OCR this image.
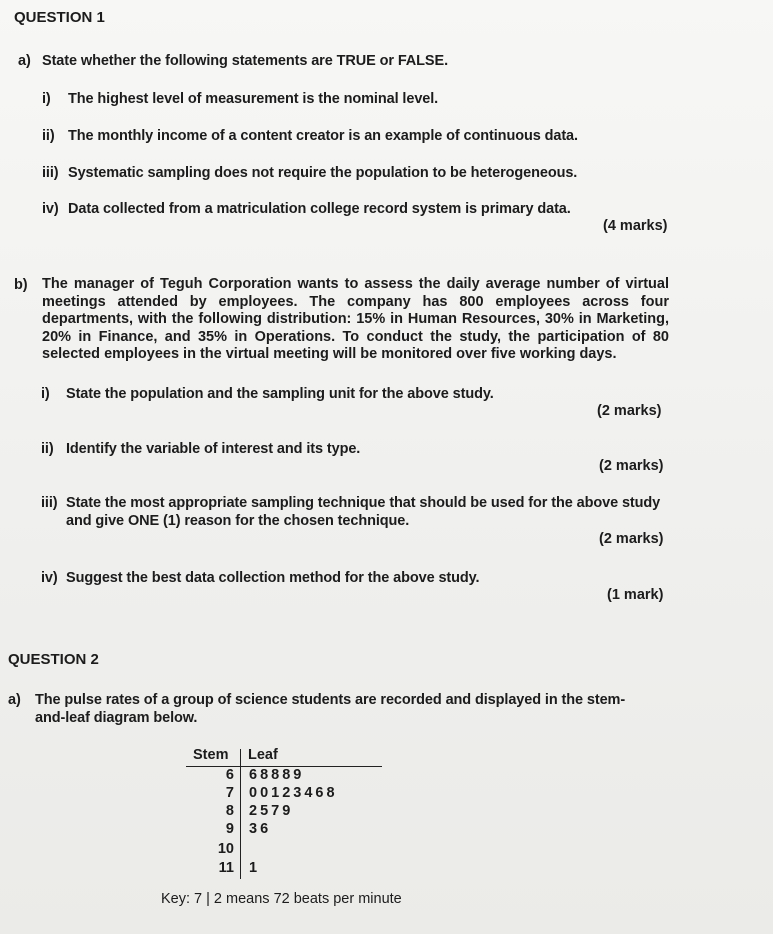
QUESTION 1
a) State whether the following statements are TRUE or FALSE.
i) The highest level of measurement is the nominal level.
ii) The monthly income of a content creator is an example of continuous data.
iii) Systematic sampling does not require the population to be heterogeneous.
iv) Data collected from a matriculation college record system is primary data.
(4 marks)
b) The manager of Teguh Corporation wants to assess the daily average number of virtual
meetings attended by employees. The company has 800 employees across four
departments, with the following distribution: 15% in Human Resources, 30% in Marketing,
20% in Finance, and 35% in Operations. To conduct the study, the participation of 80
selected employees in the virtual meeting will be monitored over five working days.
i) State the population and the sampling unit for the above study.
(2 marks)
ii) Identify the variable of interest and its type.
(2 marks)
iii) State the most appropriate sampling technique that should be used for the above study
and give ONE (1) reason for the chosen technique.
(2 marks)
iv) Suggest the best data collection method for the above study.
(1 mark)
QUESTION 2
a) The pulse rates of a group of science students are recorded and displayed in the stem-
and-leaf diagram below.
Stem Leaf
6 68889
7 00123468
8 2579
9 36
10
11 1
Key: 7 | 2 means 72 beats per minute
